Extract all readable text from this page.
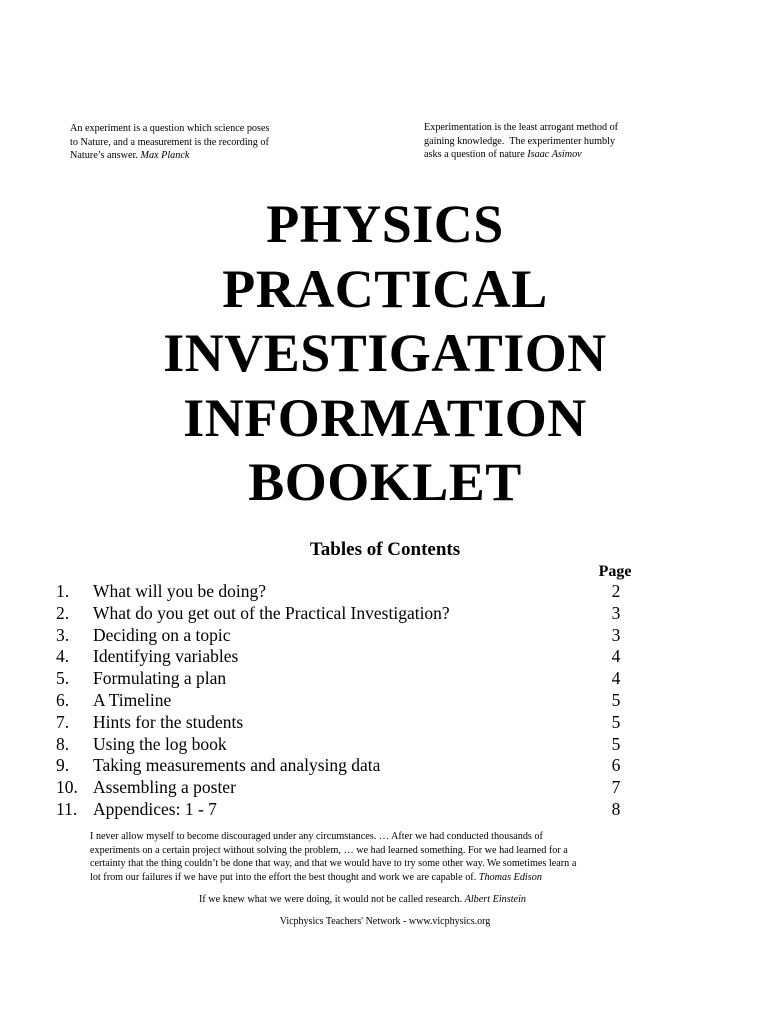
An experiment is a question which science poses
to Nature, and a measurement is the recording of
Nature’s answer. Max Planck
Experimentation is the least arrogant method of
gaining knowledge.  The experimenter humbly
asks a question of nature Isaac Asimov
PHYSICS
PRACTICAL
INVESTIGATION
INFORMATION
BOOKLET
Tables of Contents
Page
1.	What will you be doing?	2
2.	What do you get out of the Practical Investigation?	3
3.	Deciding on a topic	3
4.	Identifying variables	4
5.	Formulating a plan	4
6.	A Timeline	5
7.	Hints for the students	5
8.	Using the log book	5
9.	Taking measurements and analysing data	6
10. Assembling a poster	7
11. Appendices: 1 - 7	8
I never allow myself to become discouraged under any circumstances. … After we had conducted thousands of
experiments on a certain project without solving the problem, … we had learned something. For we had learned for a
certainty that the thing couldn’t be done that way, and that we would have to try some other way. We sometimes learn a
lot from our failures if we have put into the effort the best thought and work we are capable of. Thomas Edison
If we knew what we were doing, it would not be called research. Albert Einstein
Vicphysics Teachers' Network - www.vicphysics.org
